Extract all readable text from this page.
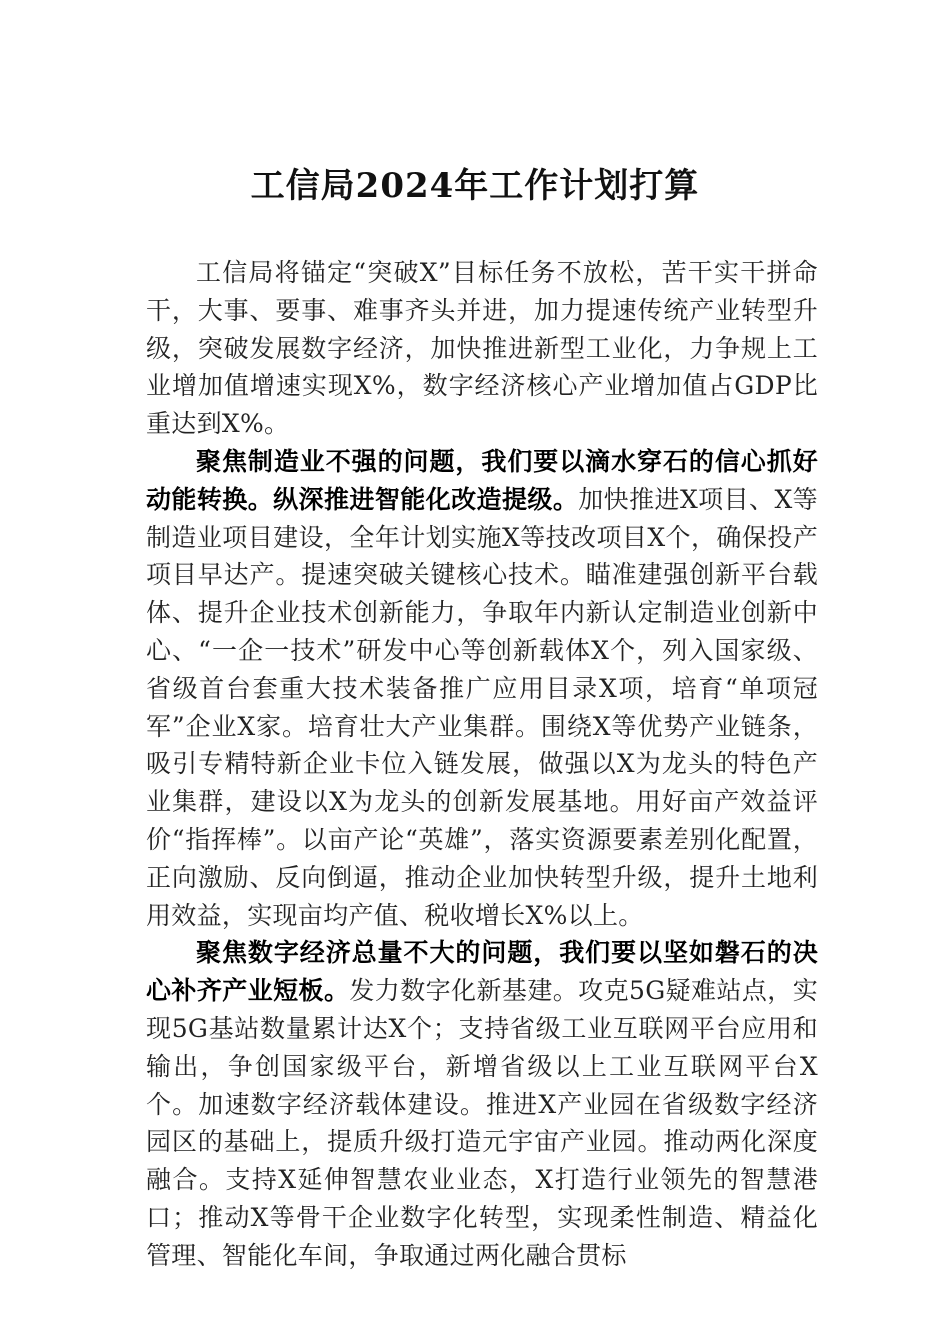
工信局2024年工作计划打算

工信局将锚定“突破X”目标任务不放松，苦干实干拼命干，大事、要事、难事齐头并进，加力提速传统产业转型升级，突破发展数字经济，加快推进新型工业化，力争规上工业增加值增速实现X%，数字经济核心产业增加值占GDP比重达到X%。

聚焦制造业不强的问题，我们要以滴水穿石的信心抓好动能转换。纵深推进智能化改造提级。加快推进X项目、X等制造业项目建设，全年计划实施X等技改项目X个，确保投产项目早达产。提速突破关键核心技术。瞄准建强创新平台载体、提升企业技术创新能力，争取年内新认定制造业创新中心、“一企一技术”研发中心等创新载体X个，列入国家级、省级首台套重大技术装备推广应用目录X项，培育“单项冠军”企业X家。培育壮大产业集群。围绕X等优势产业链条，吸引专精特新企业卡位入链发展，做强以X为龙头的特色产业集群，建设以X为龙头的创新发展基地。用好亩产效益评价“指挥棒”。以亩产论“英雄”，落实资源要素差别化配置，正向激励、反向倒逼，推动企业加快转型升级，提升土地利用效益，实现亩均产值、税收增长X%以上。

聚焦数字经济总量不大的问题，我们要以坚如磐石的决心补齐产业短板。发力数字化新基建。攻克5G疑难站点，实现5G基站数量累计达X个；支持省级工业互联网平台应用和输出，争创国家级平台，新增省级以上工业互联网平台X个。加速数字经济载体建设。推进X产业园在省级数字经济园区的基础上，提质升级打造元宇宙产业园。推动两化深度融合。支持X延伸智慧农业业态，X打造行业领先的智慧港口；推动X等骨干企业数字化转型，实现柔性制造、精益化管理、智能化车间，争取通过两化融合贯标
